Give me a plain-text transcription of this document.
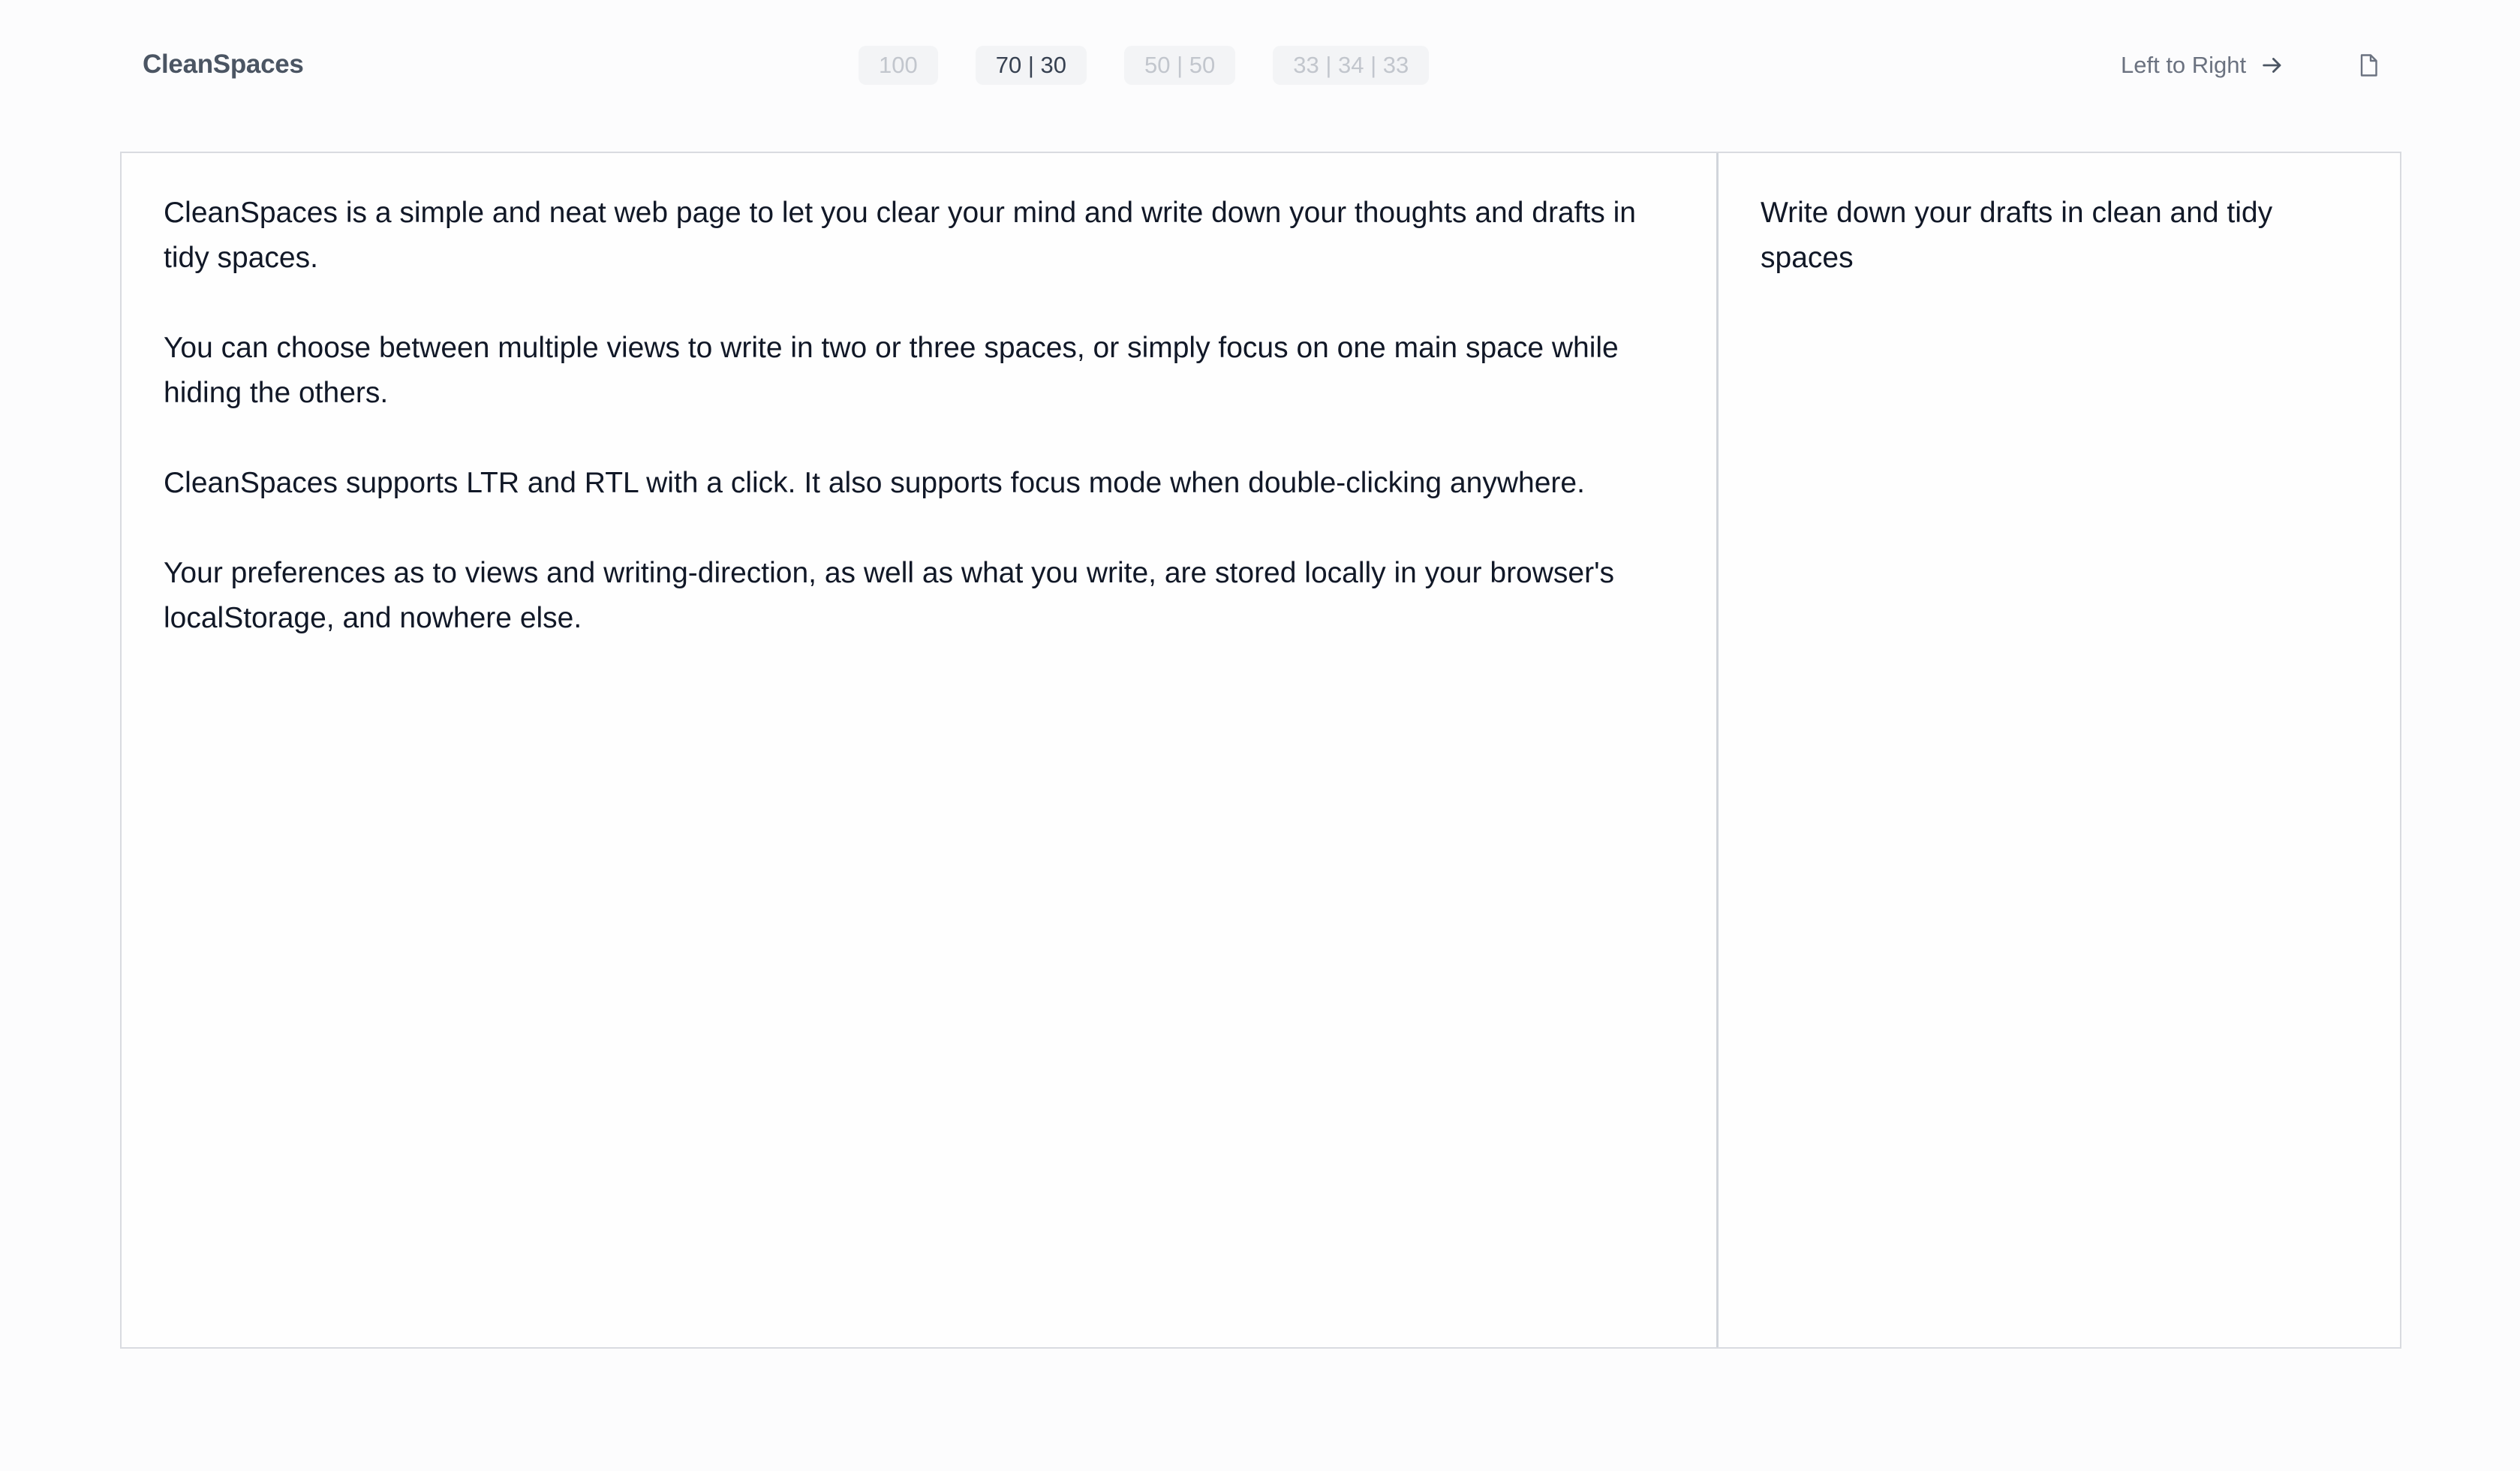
CleanSpaces	100	70 | 30	50 | 50	33 | 34 | 33	Left to Right

CleanSpaces is a simple and neat web page to let you clear your mind and write down your thoughts and drafts in tidy spaces.

You can choose between multiple views to write in two or three spaces, or simply focus on one main space while hiding the others.

CleanSpaces supports LTR and RTL with a click. It also supports focus mode when double-clicking anywhere.

Your preferences as to views and writing-direction, as well as what you write, are stored locally in your browser's localStorage, and nowhere else.

Write down your drafts in clean and tidy spaces
